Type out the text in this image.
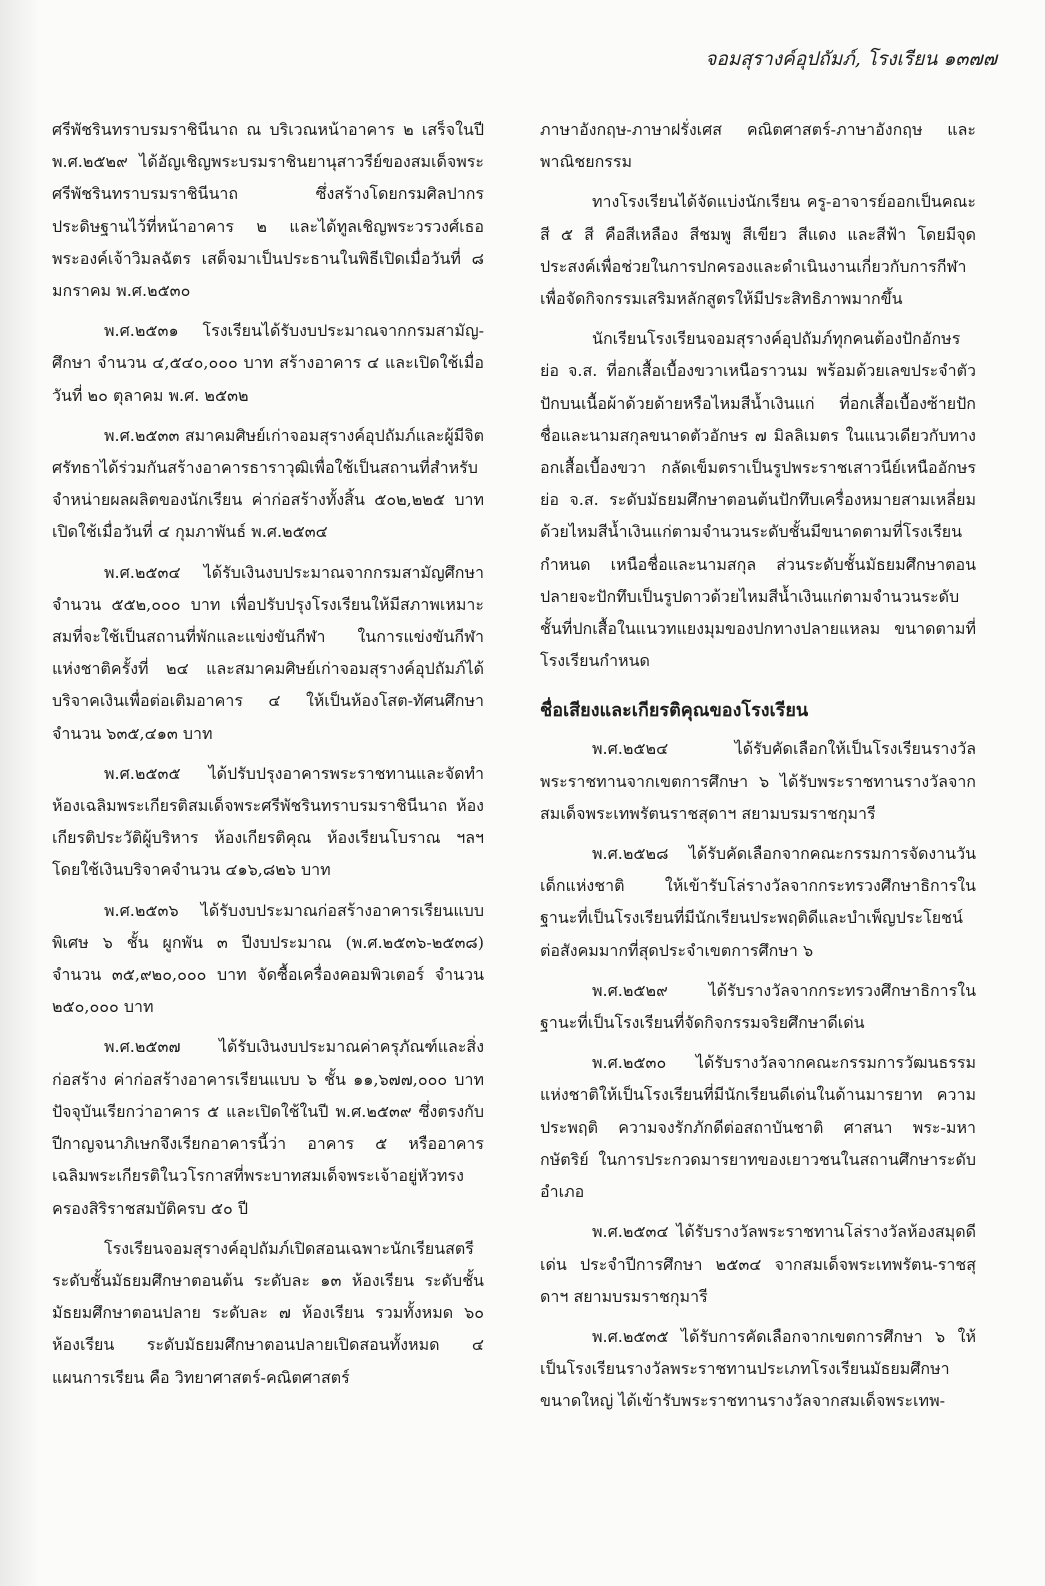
จอมสุรางค์อุปถัมภ์, โรงเรียน ๑๓๗๗

ศรีพัชรินทราบรมราชินีนาถ ณ บริเวณหน้าอาคาร ๒ เสร็จในปี พ.ศ.๒๕๒๙ ได้อัญเชิญพระบรมราชินยานุสาวรีย์ของสมเด็จพระศรีพัชรินทราบรมราชินีนาถ ซึ่งสร้างโดยกรมศิลปากรประดิษฐานไว้ที่หน้าอาคาร ๒ และได้ทูลเชิญพระวรวงศ์เธอพระองค์เจ้าวิมลฉัตร เสด็จมาเป็นประธานในพิธีเปิดเมื่อวันที่ ๘ มกราคม พ.ศ.๒๕๓๐

พ.ศ.๒๕๓๑ โรงเรียนได้รับงบประมาณจากกรมสามัญ-ศึกษา จำนวน ๔,๕๔๐,๐๐๐ บาท สร้างอาคาร ๔ และเปิดใช้เมื่อวันที่ ๒๐ ตุลาคม พ.ศ. ๒๕๓๒

พ.ศ.๒๕๓๓ สมาคมศิษย์เก่าจอมสุรางค์อุปถัมภ์และผู้มีจิตศรัทธาได้ร่วมกันสร้างอาคารธาราวุฒิเพื่อใช้เป็นสถานที่สำหรับจำหน่ายผลผลิตของนักเรียน ค่าก่อสร้างทั้งสิ้น ๕๐๒,๒๒๕ บาท เปิดใช้เมื่อวันที่ ๔ กุมภาพันธ์ พ.ศ.๒๕๓๔

พ.ศ.๒๕๓๔ ได้รับเงินงบประมาณจากกรมสามัญศึกษา จำนวน ๕๕๒,๐๐๐ บาท เพื่อปรับปรุงโรงเรียนให้มีสภาพเหมาะสมที่จะใช้เป็นสถานที่พักและแข่งขันกีฬา ในการแข่งขันกีฬาแห่งชาติครั้งที่ ๒๔ และสมาคมศิษย์เก่าจอมสุรางค์อุปถัมภ์ได้บริจาคเงินเพื่อต่อเติมอาคาร ๔ ให้เป็นห้องโสต-ทัศนศึกษา จำนวน ๖๓๕,๔๑๓ บาท

พ.ศ.๒๕๓๕ ได้ปรับปรุงอาคารพระราชทานและจัดทำห้องเฉลิมพระเกียรติสมเด็จพระศรีพัชรินทราบรมราชินีนาถ ห้องเกียรติประวัติผู้บริหาร ห้องเกียรติคุณ ห้องเรียนโบราณ ฯลฯ โดยใช้เงินบริจาคจำนวน ๔๑๖,๘๒๖ บาท

พ.ศ.๒๕๓๖ ได้รับงบประมาณก่อสร้างอาคารเรียนแบบพิเศษ ๖ ชั้น ผูกพัน ๓ ปีงบประมาณ (พ.ศ.๒๕๓๖-๒๕๓๘) จำนวน ๓๕,๙๒๐,๐๐๐ บาท จัดซื้อเครื่องคอมพิวเตอร์ จำนวน ๒๕๐,๐๐๐ บาท

พ.ศ.๒๕๓๗ ได้รับเงินงบประมาณค่าครุภัณฑ์และสิ่งก่อสร้าง ค่าก่อสร้างอาคารเรียนแบบ ๖ ชั้น ๑๑,๖๗๗,๐๐๐ บาท ปัจจุบันเรียกว่าอาคาร ๕ และเปิดใช้ในปี พ.ศ.๒๕๓๙ ซึ่งตรงกับปีกาญจนาภิเษกจึงเรียกอาคารนี้ว่า อาคาร ๕ หรืออาคารเฉลิมพระเกียรติในวโรกาสที่พระบาทสมเด็จพระเจ้าอยู่หัวทรงครองสิริราชสมบัติครบ ๕๐ ปี

โรงเรียนจอมสุรางค์อุปถัมภ์เปิดสอนเฉพาะนักเรียนสตรีระดับชั้นมัธยมศึกษาตอนต้น ระดับละ ๑๓ ห้องเรียน ระดับชั้นมัธยมศึกษาตอนปลาย ระดับละ ๗ ห้องเรียน รวมทั้งหมด ๖๐ ห้องเรียน ระดับมัธยมศึกษาตอนปลายเปิดสอนทั้งหมด ๔ แผนการเรียน คือ วิทยาศาสตร์-คณิตศาสตร์

ภาษาอังกฤษ-ภาษาฝรั่งเศส คณิตศาสตร์-ภาษาอังกฤษ และพาณิชยกรรม

ทางโรงเรียนได้จัดแบ่งนักเรียน ครู-อาจารย์ออกเป็นคณะสี ๕ สี คือสีเหลือง สีชมพู สีเขียว สีแดง และสีฟ้า โดยมีจุดประสงค์เพื่อช่วยในการปกครองและดำเนินงานเกี่ยวกับการกีฬา เพื่อจัดกิจกรรมเสริมหลักสูตรให้มีประสิทธิภาพมากขึ้น

นักเรียนโรงเรียนจอมสุรางค์อุปถัมภ์ทุกคนต้องปักอักษรย่อ จ.ส. ที่อกเสื้อเบื้องขวาเหนือราวนม พร้อมด้วยเลขประจำตัว ปักบนเนื้อผ้าด้วยด้ายหรือไหมสีน้ำเงินแก่ ที่อกเสื้อเบื้องซ้ายปักชื่อและนามสกุลขนาดตัวอักษร ๗ มิลลิเมตร ในแนวเดียวกับทางอกเสื้อเบื้องขวา กลัดเข็มตราเป็นรูปพระราชเสาวนีย์เหนืออักษรย่อ จ.ส. ระดับมัธยมศึกษาตอนต้นปักทึบเครื่องหมายสามเหลี่ยมด้วยไหมสีน้ำเงินแก่ตามจำนวนระดับชั้นมีขนาดตามที่โรงเรียนกำหนด เหนือชื่อและนามสกุล ส่วนระดับชั้นมัธยมศึกษาตอนปลายจะปักทึบเป็นรูปดาวด้วยไหมสีน้ำเงินแก่ตามจำนวนระดับชั้นที่ปกเสื้อในแนวทแยงมุมของปกทางปลายแหลม ขนาดตามที่โรงเรียนกำหนด

ชื่อเสียงและเกียรติคุณของโรงเรียน

พ.ศ.๒๕๒๔ ได้รับคัดเลือกให้เป็นโรงเรียนรางวัลพระราชทานจากเขตการศึกษา ๖ ได้รับพระราชทานรางวัลจากสมเด็จพระเทพรัตนราชสุดาฯ สยามบรมราชกุมารี

พ.ศ.๒๕๒๘ ได้รับคัดเลือกจากคณะกรรมการจัดงานวันเด็กแห่งชาติ ให้เข้ารับโล่รางวัลจากกระทรวงศึกษาธิการในฐานะที่เป็นโรงเรียนที่มีนักเรียนประพฤติดีและบำเพ็ญประโยชน์ต่อสังคมมากที่สุดประจำเขตการศึกษา ๖

พ.ศ.๒๕๒๙ ได้รับรางวัลจากกระทรวงศึกษาธิการในฐานะที่เป็นโรงเรียนที่จัดกิจกรรมจริยศึกษาดีเด่น

พ.ศ.๒๕๓๐ ได้รับรางวัลจากคณะกรรมการวัฒนธรรมแห่งชาติให้เป็นโรงเรียนที่มีนักเรียนดีเด่นในด้านมารยาท ความประพฤติ ความจงรักภักดีต่อสถาบันชาติ ศาสนา พระ-มหากษัตริย์ ในการประกวดมารยาทของเยาวชนในสถานศึกษาระดับอำเภอ

พ.ศ.๒๕๓๔ ได้รับรางวัลพระราชทานโล่รางวัลห้องสมุดดีเด่น ประจำปีการศึกษา ๒๕๓๔ จากสมเด็จพระเทพรัตน-ราชสุดาฯ สยามบรมราชกุมารี

พ.ศ.๒๕๓๕ ได้รับการคัดเลือกจากเขตการศึกษา ๖ ให้เป็นโรงเรียนรางวัลพระราชทานประเภทโรงเรียนมัธยมศึกษาขนาดใหญ่ ได้เข้ารับพระราชทานรางวัลจากสมเด็จพระเทพ-
